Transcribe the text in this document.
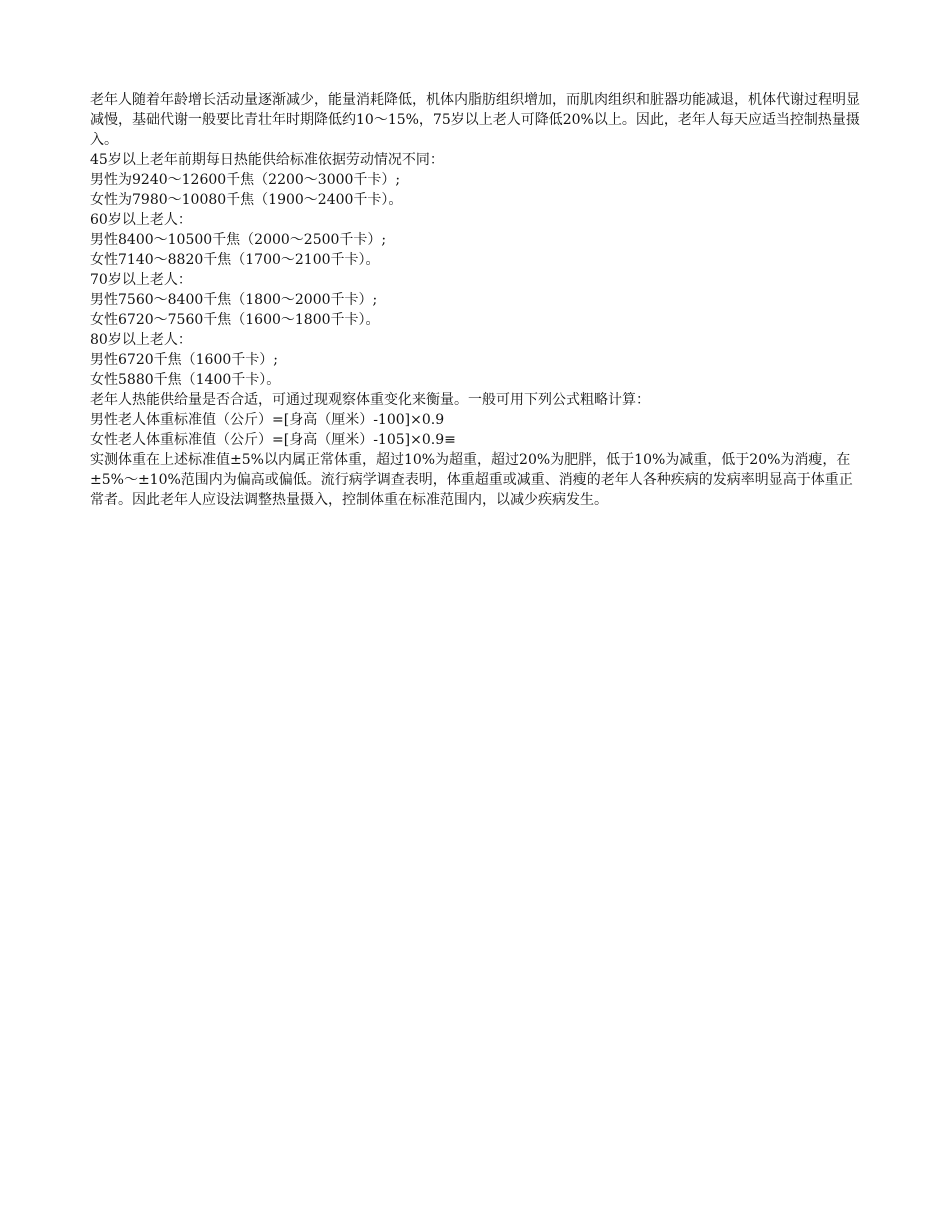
老年人随着年龄增长活动量逐渐减少，能量消耗降低，机体内脂肪组织增加，而肌肉组织和脏器功能减退，机体代谢过程明显减慢，基础代谢一般要比青壮年时期降低约10～15%，75岁以上老人可降低20%以上。因此，老年人每天应适当控制热量摄入。

45岁以上老年前期每日热能供给标准依据劳动情况不同：

男性为9240～12600千焦（2200～3000千卡）;

女性为7980～10080千焦（1900～2400千卡）。

60岁以上老人：

男性8400～10500千焦（2000～2500千卡）;

女性7140～8820千焦（1700～2100千卡）。

70岁以上老人：

男性7560～8400千焦（1800～2000千卡）;

女性6720～7560千焦（1600～1800千卡）。

80岁以上老人：

男性6720千焦（1600千卡）;

女性5880千焦（1400千卡）。

老年人热能供给量是否合适，可通过现观察体重变化来衡量。一般可用下列公式粗略计算：

男性老人体重标准值（公斤）=[身高（厘米）-100]×0.9

女性老人体重标准值（公斤）=[身高（厘米）-105]×0.9≡

实测体重在上述标准值±5%以内属正常体重，超过10%为超重，超过20%为肥胖，低于10%为减重，低于20%为消瘦，在±5%～±10%范围内为偏高或偏低。流行病学调查表明，体重超重或减重、消瘦的老年人各种疾病的发病率明显高于体重正常者。因此老年人应设法调整热量摄入，控制体重在标准范围内，以减少疾病发生。
